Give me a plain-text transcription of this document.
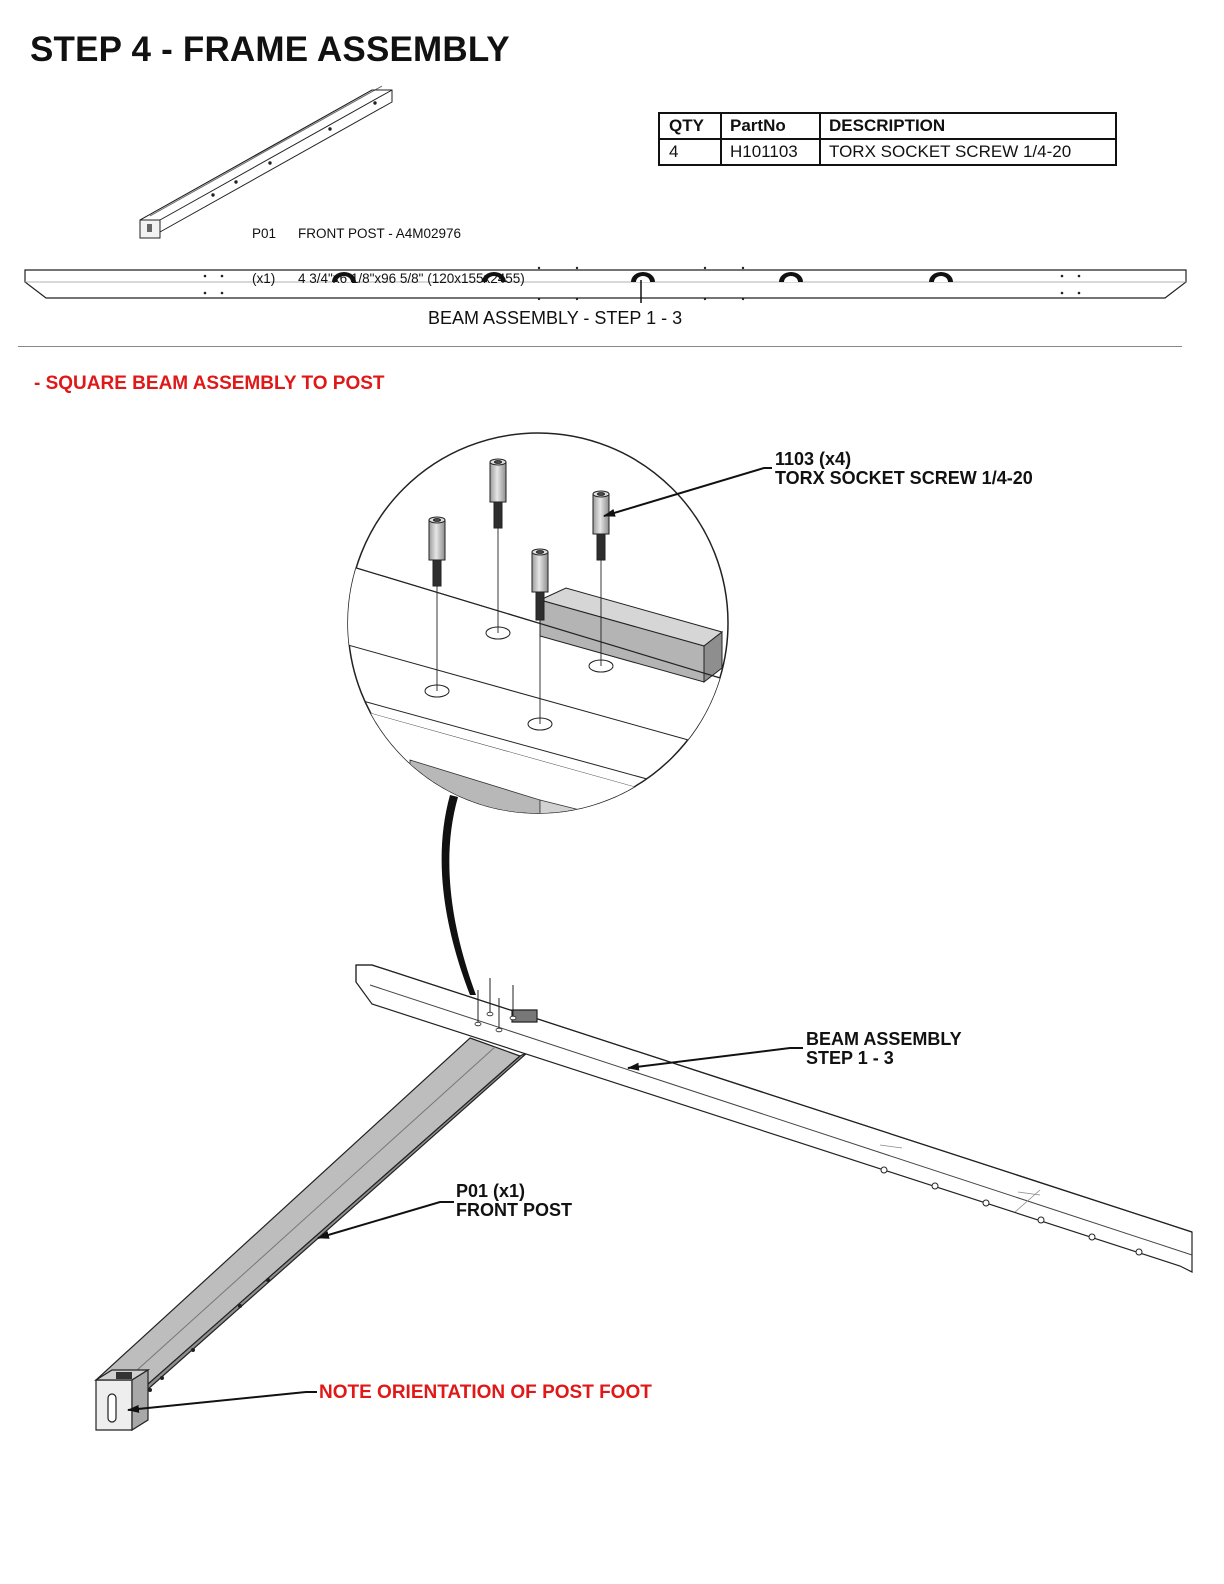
STEP 4 - FRAME ASSEMBLY
QTY	PartNo	DESCRIPTION
4	H101103	TORX SOCKET SCREW 1/4-20

P01 FRONT POST - A4M02976

(x1) 4 3/4"x6 1/8"x96 5/8" (120x155x2455)

BEAM ASSEMBLY - STEP 1 - 3
- SQUARE BEAM ASSEMBLY TO POST
1103 (x4)
TORX SOCKET SCREW 1/4-20
BEAM ASSEMBLY
STEP 1 - 3
P01 (x1)
FRONT POST
NOTE ORIENTATION OF POST FOOT
